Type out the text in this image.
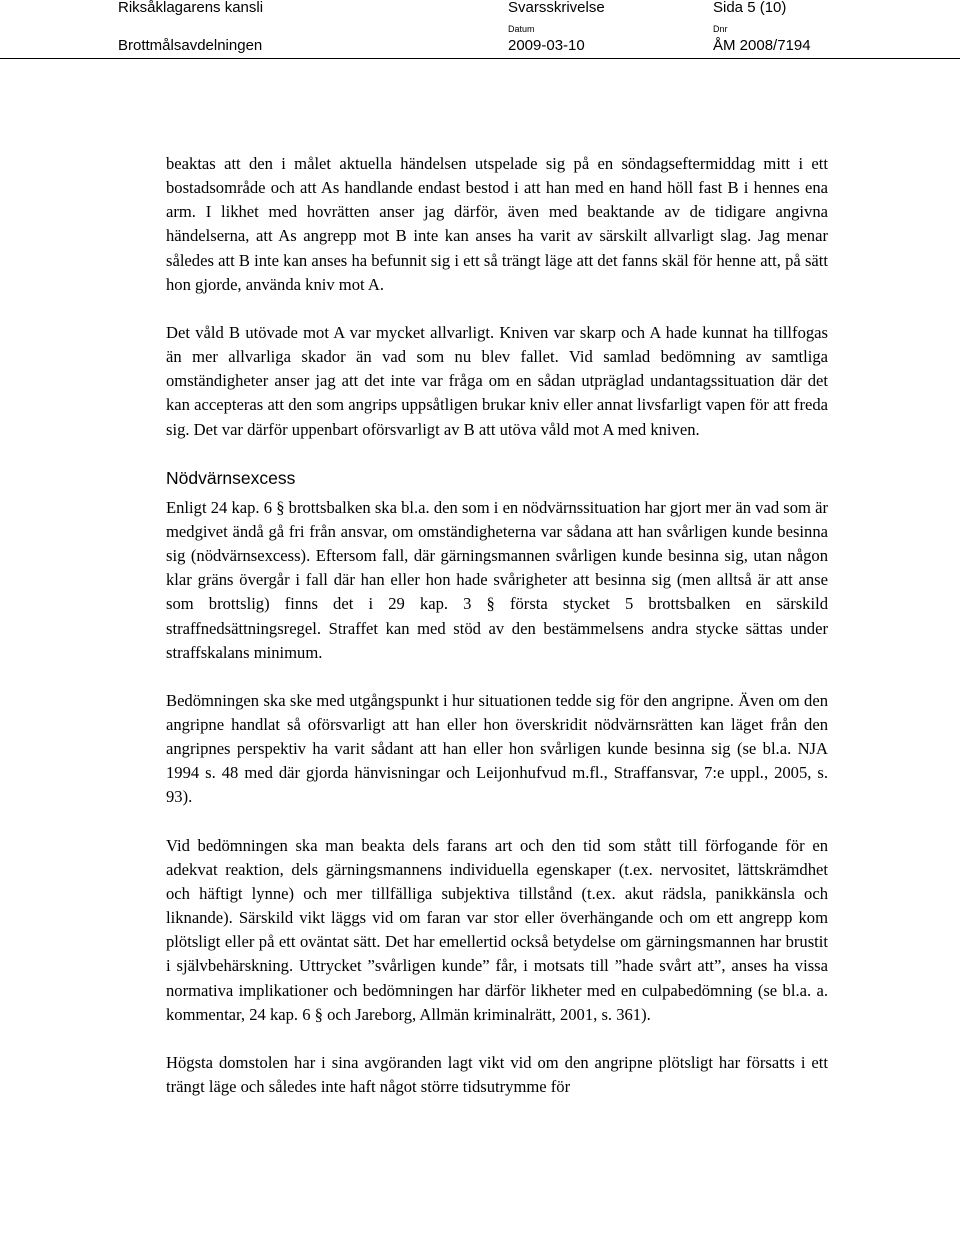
Riksåklagarens kansli
Brottmålsavdelningen
Svarsskrivelse
Datum
2009-03-10
Sida 5 (10)
Dnr
ÅM 2008/7194

beaktas att den i målet aktuella händelsen utspelade sig på en söndagseftermiddag mitt i ett bostadsområde och att As handlande endast bestod i att han med en hand höll fast B i hennes ena arm. I likhet med hovrätten anser jag därför, även med beaktande av de tidigare angivna händelserna, att As angrepp mot B inte kan anses ha varit av särskilt allvarligt slag. Jag menar således att B inte kan anses ha befunnit sig i ett så trängt läge att det fanns skäl för henne att, på sätt hon gjorde, använda kniv mot A.

Det våld B utövade mot A var mycket allvarligt. Kniven var skarp och A hade kunnat ha tillfogas än mer allvarliga skador än vad som nu blev fallet. Vid samlad bedömning av samtliga omständigheter anser jag att det inte var fråga om en sådan utpräglad undantagssituation där det kan accepteras att den som angrips uppsåtligen brukar kniv eller annat livsfarligt vapen för att freda sig. Det var därför uppenbart oförsvarligt av B att utöva våld mot A med kniven.

Nödvärnsexcess

Enligt 24 kap. 6 § brottsbalken ska bl.a. den som i en nödvärnssituation har gjort mer än vad som är medgivet ändå gå fri från ansvar, om omständigheterna var sådana att han svårligen kunde besinna sig (nödvärnsexcess). Eftersom fall, där gärningsmannen svårligen kunde besinna sig, utan någon klar gräns övergår i fall där han eller hon hade svårigheter att besinna sig (men alltså är att anse som brottslig) finns det i 29 kap. 3 § första stycket 5 brottsbalken en särskild straffnedsättningsregel. Straffet kan med stöd av den bestämmelsens andra stycke sättas under straffskalans minimum.

Bedömningen ska ske med utgångspunkt i hur situationen tedde sig för den angripne. Även om den angripne handlat så oförsvarligt att han eller hon överskridit nödvärnsrätten kan läget från den angripnes perspektiv ha varit sådant att han eller hon svårligen kunde besinna sig (se bl.a. NJA 1994 s. 48 med där gjorda hänvisningar och Leijonhufvud m.fl., Straffansvar, 7:e uppl., 2005, s. 93).

Vid bedömningen ska man beakta dels farans art och den tid som stått till förfogande för en adekvat reaktion, dels gärningsmannens individuella egenskaper (t.ex. nervositet, lättskrämdhet och häftigt lynne) och mer tillfälliga subjektiva tillstånd (t.ex. akut rädsla, panikkänsla och liknande). Särskild vikt läggs vid om faran var stor eller överhängande och om ett angrepp kom plötsligt eller på ett oväntat sätt. Det har emellertid också betydelse om gärningsmannen har brustit i självbehärskning. Uttrycket ”svårligen kunde” får, i motsats till ”hade svårt att”, anses ha vissa normativa implikationer och bedömningen har därför likheter med en culpabedömning (se bl.a. a. kommentar, 24 kap. 6 § och Jareborg, Allmän kriminalrätt, 2001, s. 361).

Högsta domstolen har i sina avgöranden lagt vikt vid om den angripne plötsligt har försatts i ett trängt läge och således inte haft något större tidsutrymme för
